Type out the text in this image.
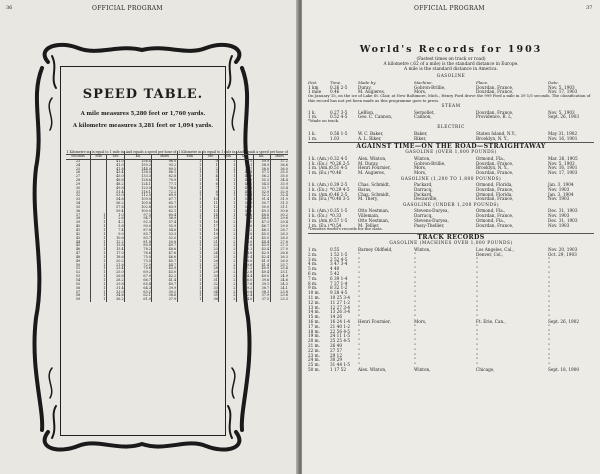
36	OFFICIAL PROGRAM
SPEED TABLE.
A mile measures 5,280 feet or 1,760 yards.
A kilometre measures 3,281 feet or 1,094 yards.
1 Kilometre in	Is equal to 1 mile in		And equals a speed per hour of		1 Kilometre in	Is equal to 1 mile in		And equals a speed per hour of		
Seconds	Min	Sec	Kil.	Miles	Min	Sec	Min	Sec	Kil.	Miles
23		41.0	156.4	96.0	1	0	1	36.5	59.9	37.2
24		41.0	150.3	93.2	1	1	1	38.1	58.9	36.6
25		41.8	144.0	89.5	1	2	1	39.7	58.0	36.0
26		43.4	138.5	86.1	1	3	1	41.3	57.1	35.5
27		45.0	133.3	82.8	1	4	1	42.9	56.2	35.0
28		46.6	128.6	79.9	1	5	1	44.5	55.3	34.4
29		48.2	124.1	77.1	1	6	1	46.1	54.5	33.9
30		49.8	120.0	74.6	1	7	1	47.6	53.7	33.4
31		51.4	116.1	72.2	1	8	1	49.2	52.9	32.9
32		53.0	112.5	69.9	1	9	1	50.8	52.2	32.4
33		54.6	109.0	67.7	1	10	1	52.4	51.4	31.9
34		56.2	105.8	65.7	1	11	1	54.0	50.7	31.5
35		57.8	102.8	63.9	1	12	1	55.6	50.0	31.1
36		59.4	100.0	62.1	1	13	1	57.2	49.3	30.6
37	1	1.0	97.3	60.4	1	14	1	58.8	48.6	30.2
38	1	2.6	94.7	58.9	1	15	2	0.4	48.0	29.8
39	1	4.2	92.3	57.4	1	16	2	2.0	47.3	29.4
40	1	5.8	90.0	55.9	1	17	2	3.6	46.7	29.0
41	1	7.4	87.8	54.6	1	18	2	5.2	46.1	28.7
42	1	9.0	85.7	53.3	1	19	2	6.8	45.5	28.3
43	1	10.6	83.7	52.0	1	20	2	8.4	45.0	28.0
44	1	12.2	81.8	50.8	1	21	2	10.0	44.4	27.6
45	1	13.8	80.0	49.7	1	22	2	11.6	43.9	27.3
46	1	15.4	78.2	48.6	1	23	2	13.2	43.4	27.0
47	1	17.0	76.6	47.6	1	24	2	14.8	42.9	26.6
48	1	18.6	75.0	46.6	1	25	2	16.4	42.4	26.3
49	1	20.2	73.5	45.7	1	26	2	18.0	41.9	26.0
50	1	21.8	72.0	44.7	1	27	2	19.6	41.4	25.7
51	1	23.4	70.6	43.9	1	28	2	21.2	40.9	25.4
52	1	25.0	69.2	43.0	1	29	2	22.8	40.4	25.1
53	1	26.6	67.9	42.2	1	30	2	24.4	40.0	24.9
54	1	28.2	66.7	41.4	1	31	2	26.0	39.6	24.6
55	1	29.8	65.4	40.7	1	32	2	27.6	39.1	24.3
56	1	31.4	64.3	39.9	1	33	2	29.2	38.7	24.1
57	1	33.0	63.2	39.2	1	34	2	30.8	38.3	23.8
58	1	34.6	62.1	38.6	1	35	2	32.4	37.9	23.6
59	1	36.2	61.0	37.9	1	36	2	34.0	37.5	23.3
OFFICIAL PROGRAM	37
World's Records for 1903
(Fastest times on track or road)
A kilometre (.62 of a mile) is the standard distance in Europe.
A mile is the standard distance in America.
GASOLINE
Dist.	Time.	Made by	Machine.	Place.	Date.
1 km	0.26 2-5	Duray,	Gobron-Brillie,	Dourdan, France,	Nov. 5, 1903
1 mile 0.46	M. Augieres,	Mors,	Dourdan, France,	Nov. 17, 1903
On January 15, on the ice of Lake St. Clair, at New Baltimore, Mich., Henry Ford drove the 999 Ford a mile in 39 1/5 seconds. The classification of this record has not yet been made as this programme goes to press.
STEAM
1 k.	0.27 3-5	LeBlon,	Serpollet,	Dourdan, France,	Nov. 5, 1903
1 m.	0.52 4-5	Geo. C. Cannon,	Cannon,	Providence, R. I.,	Sept. 26, 1903
*Made on track.
ELECTRIC
1 k.	0.56 1-5	W. C. Baker,	Baker,	Staten Island, N.Y.,	May 31, 1902
1 m.	1.03	A. L. Riker,	Riker,	Brooklyn, N. Y.,	Nov. 16, 1901
AGAINST TIME—ON THE ROAD—STRAIGHTAWAY
GASOLINE (OVER 1,000 POUNDS)
1 k. (Am.) 0.32 4-5	Alex. Winton,	Winton,	Ormond, Fla.,	Mar. 26, 1905
1 k. (Eu.) *0.26 2-5 M. Duray,	Gobron-Brillie,	Dourdan, France,	Nov. 5, 1903
1 m. (Am.) 0.51 4-5	Henri Fournier,	Mors,	Brooklyn, N. Y.,	Nov. 16, 1901
1 m. (Eu.) *0.46	M. Augieres,	Mors,	Dourdan, France,	Nov. 17, 1903
GASOLINE (1,200 TO 1,800 POUNDS)
1 k. (Am.) 0.39 2-5	Chas. Schmidt,	Packard,	Ormond, Florida,	Jan. 3, 1904
1 k. (Eu.) *0.29 4-5 Baras,	Darracq,	Dourdan, France,	Nov. 1903
1 m. (Am.) 0.46 2-5	Chas. Schmidt,	Packard,	Ormond, Florida,	Jan. 3, 1904
1 m. (Eu.) *0.48 3-5 M. Thery,	Decauville,	Dourdan, France,	Nov. 1903
GASOLINE (UNDER 1,200 POUNDS)
1 k. (Am.) 0.35 1-5	Otto Nestman,	Stevens-Duryea,	Ormond, Fla.,	Dec. 31, 1903
1 k. (Eu.) *0.33	Villemain,	Darracq,	Dourdan, France,	Nov. 1903
1 m. (Am.) 0.57 1-5	Otto Nestman,	Stevens-Duryea,	Ormond, Fla.,	Dec. 31, 1903
1 m. (Eu.) *0.54	M. Tellier,	Passy-Thellier,	Dourdan, France,	Nov. 1903
*Denotes world's records for the class.
TRACK RECORDS
GASOLINE (MACHINES OVER 1,000 POUNDS)
1 m.	0.55	Barney Oldfield,	Winton,	Los Angeles, Cal.,	Nov. 20, 1903
2 m.	1 52 1-5	"	"	Denver, Col.,	Oct. 29, 1903
3 m.	2 52 4-5	"	"	"	"
4 m.	3 47 3-4	"	"	"	"
5 m.	4 40	"	"	"	"
6 m.	5 42	"	"	"	"
7 m.	6 39 1-4	"	"	"	"
8 m.	7 37 1-4	"	"	"	"
9 m.	8 32 1-2	"	"	"	"
10 m. 9 28 4-5	"	"	"	"
11 m. 10 25 3-4 "	"	"	"
12 m. 11 27 1-2 "	"	"	"
13 m. 12 27 3-4 "	"	"	"
14 m. 13 26 3-4 "	"	"	"
15 m. 14 26	"	"	"	"
16 m. 16 24 1-4 Henri Fournier,	Mors,	Ft. Erie, Can.,	Sept. 26, 1902
17 m. 21 40 1-2 "	"	"	"
18 m. 22 56 4-5 "	"	"	"
19 m. 24 11 1-5 "	"	"	"
20 m. 25 25 4-5 "	"	"	"
21 m. 26 40	"	"	"	"
22 m. 27 57	"	"	"	"
23 m. 29 12	"	"	"	"
24 m. 30 29	"	"	"	"
25 m. 31 44 1-5 "	"	"	"
50 m. 1 17 52	Alex. Winton,	Winton,	Chicago,	Sept. 18, 1900
